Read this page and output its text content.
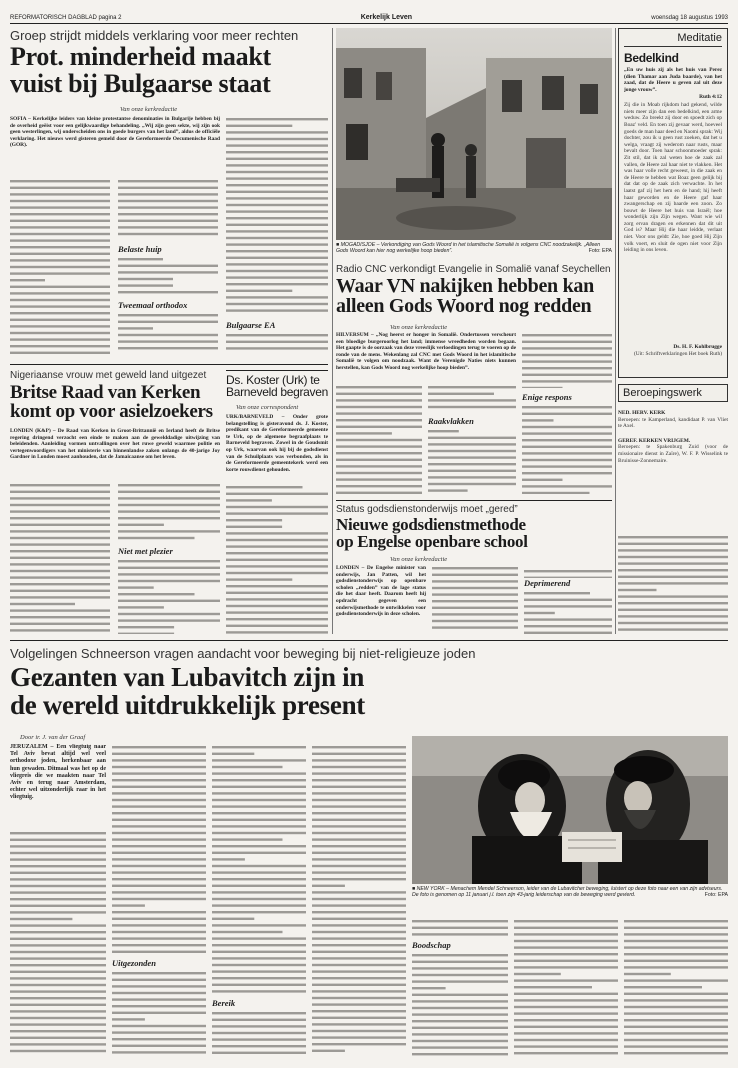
REFORMATORISCH DAGBLAD pagina 2	Kerkelijk Leven	woensdag 18 augustus 1993
Groep strijdt middels verklaring voor meer rechten
Prot. minderheid maakt
vuist bij Bulgaarse staat
Van onze kerkredactie
SOFIA – Kerkelijke leiders van kleine protestantse denominaties in Bulgarije hebben bij de overheid geëist voor een gelijkwaardige behandeling. „Wij zijn geen sekte, wij zijn ook geen westerlingen, wij onderscheiden ons in goede burgers van het land”, aldus de officiële verklaring. Het nieuws werd gisteren gemeld door de Gereformeerde Oecumenische Raad (GOR).
Belaste huip
Tweemaal orthodox
Bulgaarse EA
■ MOGADISJOE – Verkondiging van Gods Woord in het islamitische Somalië is volgens CNC noodzakelijk. „Alleen Gods Woord kan hier nog werkelijke hoop bieden”.	Foto: EPA
Radio CNC verkondigt Evangelie in Somalië vanaf Seychellen
Waar VN nakijken hebben kan
alleen Gods Woord nog redden
Van onze kerkredactie
HILVERSUM – „Nog heerst er honger in Somalië. Ondertussen verscheurt een bloedige burgeroorlog het land; immense wreedheden worden begaan. Het gaapte is de oorzaak van deze vreeslijk verloedingen terug te voeren op de ronde van de mens. Wekenlang zal CNC met Gods Woord in het islamitische Somalië te volgen om noodzaak. Want de Verenigde Naties niets kunnen herstellen, kan Gods Woord nog werkelijke hoop bieden”.
Raakvlakken
Enige respons
Meditatie
Bedelkind
„En uw huis zij als het huis van Perez (dien Thamar aan Juda baarde), van het zaad, dat de Heere u geven zal uit deze jonge vrouw”.
Ruth 4:12
Zij die in Moab rijkdom had gekend, wilde niets meer zijn dan een bedelkind, een arme weduw. Zo breekt zij door en spoedt zich op Boaz' veld. En toen zij gevaar werd, hoeveel goeds de man haar deed en Naomi sprak: Wij dochter, zou ik u geen rust zoeken, dat het u welga, vraagt zij wederom naar rusts, maar bevalt door. Toen haar schoonmoeder sprak: Zit stil, dat ik zal weten hoe de zaak zal vallen, de Heere zal haar niet te vlakken. Het was haar volle recht geweest, in die zaak en de Heere te hebben wat Boaz geen gelijk bij dat dat op de zaak zich verwachte. In het laatst gaf zij het hem en de hand; hij heeft haar geworden en de Heere gaf haar zwangerschap en zij baarde een zoon. Zo bouwt de Heere het huis van Israël; hoe wonderlijk zijn Zijn wegen. Want wie wil zorg ervan dragen en erkennen dat dit uit God is? Maar Hij die haar leidde, verlaat niet. Voor ons geldt: Zie, hoe goed Hij Zijn volk voert, en sluit de ogen niet voor Zijn leiding in ons leven.
Ds. H. F. Kohlbrugge
(Uit: Schriftverklaringen Het boek Ruth)
Nigeriaanse vrouw met geweld land uitgezet
Britse Raad van Kerken
komt op voor asielzoekers
LONDEN (K&P) – De Raad van Kerken in Groot-Brittannië en Ierland heeft de Britse regering dringend verzocht een einde te maken aan de gewelddadige uitwijzing van beleidenden. Aanleiding vormen untvallingen over het ruwe geweld waarmee politie en vertegenwoordigers van het ministerie van binnenlandse zaken onlangs de 40-jarige Joy Gardner in Londen moest aanhouden, dat de Jamaicaanse om het leven.
Niet met plezier
Ds. Koster (Urk) te Barneveld begraven
Van onze correspondent
URK/BARNEVELD – Onder grote belangstelling is gisteravond ds. J. Koster, predikant van de Gereformeerde gemeente te Urk, op de algemene begraafplaats te Barneveld begraven. Zowel in de Goudsmit op Urk, waarvan ook hij bij de godsdienst van de Schuilplaats was verbonden, als in de Gereformeerde gemeentekerk werd een korte rouwdienst gehouden.
Status godsdienstonderwijs moet „gered”
Nieuwe godsdienstmethode
op Engelse openbare school
Van onze kerkredactie
LONDEN – De Engelse minister van onderwijs, Jan Patten, wil het godsdienstonderwijs op openbare scholen „redden” van de lage status die het daar heeft. Daarom heeft hij opdracht gegeven een onderwijsmethode te ontwikkelen voor godsdienstonderwijs in deze scholen.
Deprimerend
Beroepingswerk
NED. HERV. KERK
Beroepen: te Kamperland, kandidaat P. van Vliet te Axel.
GEREF. KERKEN VRIJGEM.
Beroepen: te Spakenburg Zuid (voor de missionaire dienst in Zaïre), W. F. P. Wisselink te Bruinisse-Zonnemaire.
Volgelingen Schneerson vragen aandacht voor beweging bij niet-religieuze joden
Gezanten van Lubavitch zijn in
de wereld uitdrukkelijk present
Door ir. J. van der Graaf
JERUZALEM – Een vliegtuig naar Tel Aviv bevat altijd wel veel orthodoxe joden, herkenbaar aan hun gewaden. Ditmaal was het op de vliegreis die we maakten naar Tel Aviv en terug naar Amsterdam, echter wel uitzonderlijk raar in het vliegtuig.
Uitgezonden
Bereik
■ NEW YORK – Menachem Mendel Schneerson, leider van de Lubavitcher beweging, luistert op deze foto naar een van zijn adviseurs. De foto is genomen op 11 januari j.l. toen zijn 43-jarig leiderschap van de beweging werd gevierd.	Foto: EPA
Boodschap
